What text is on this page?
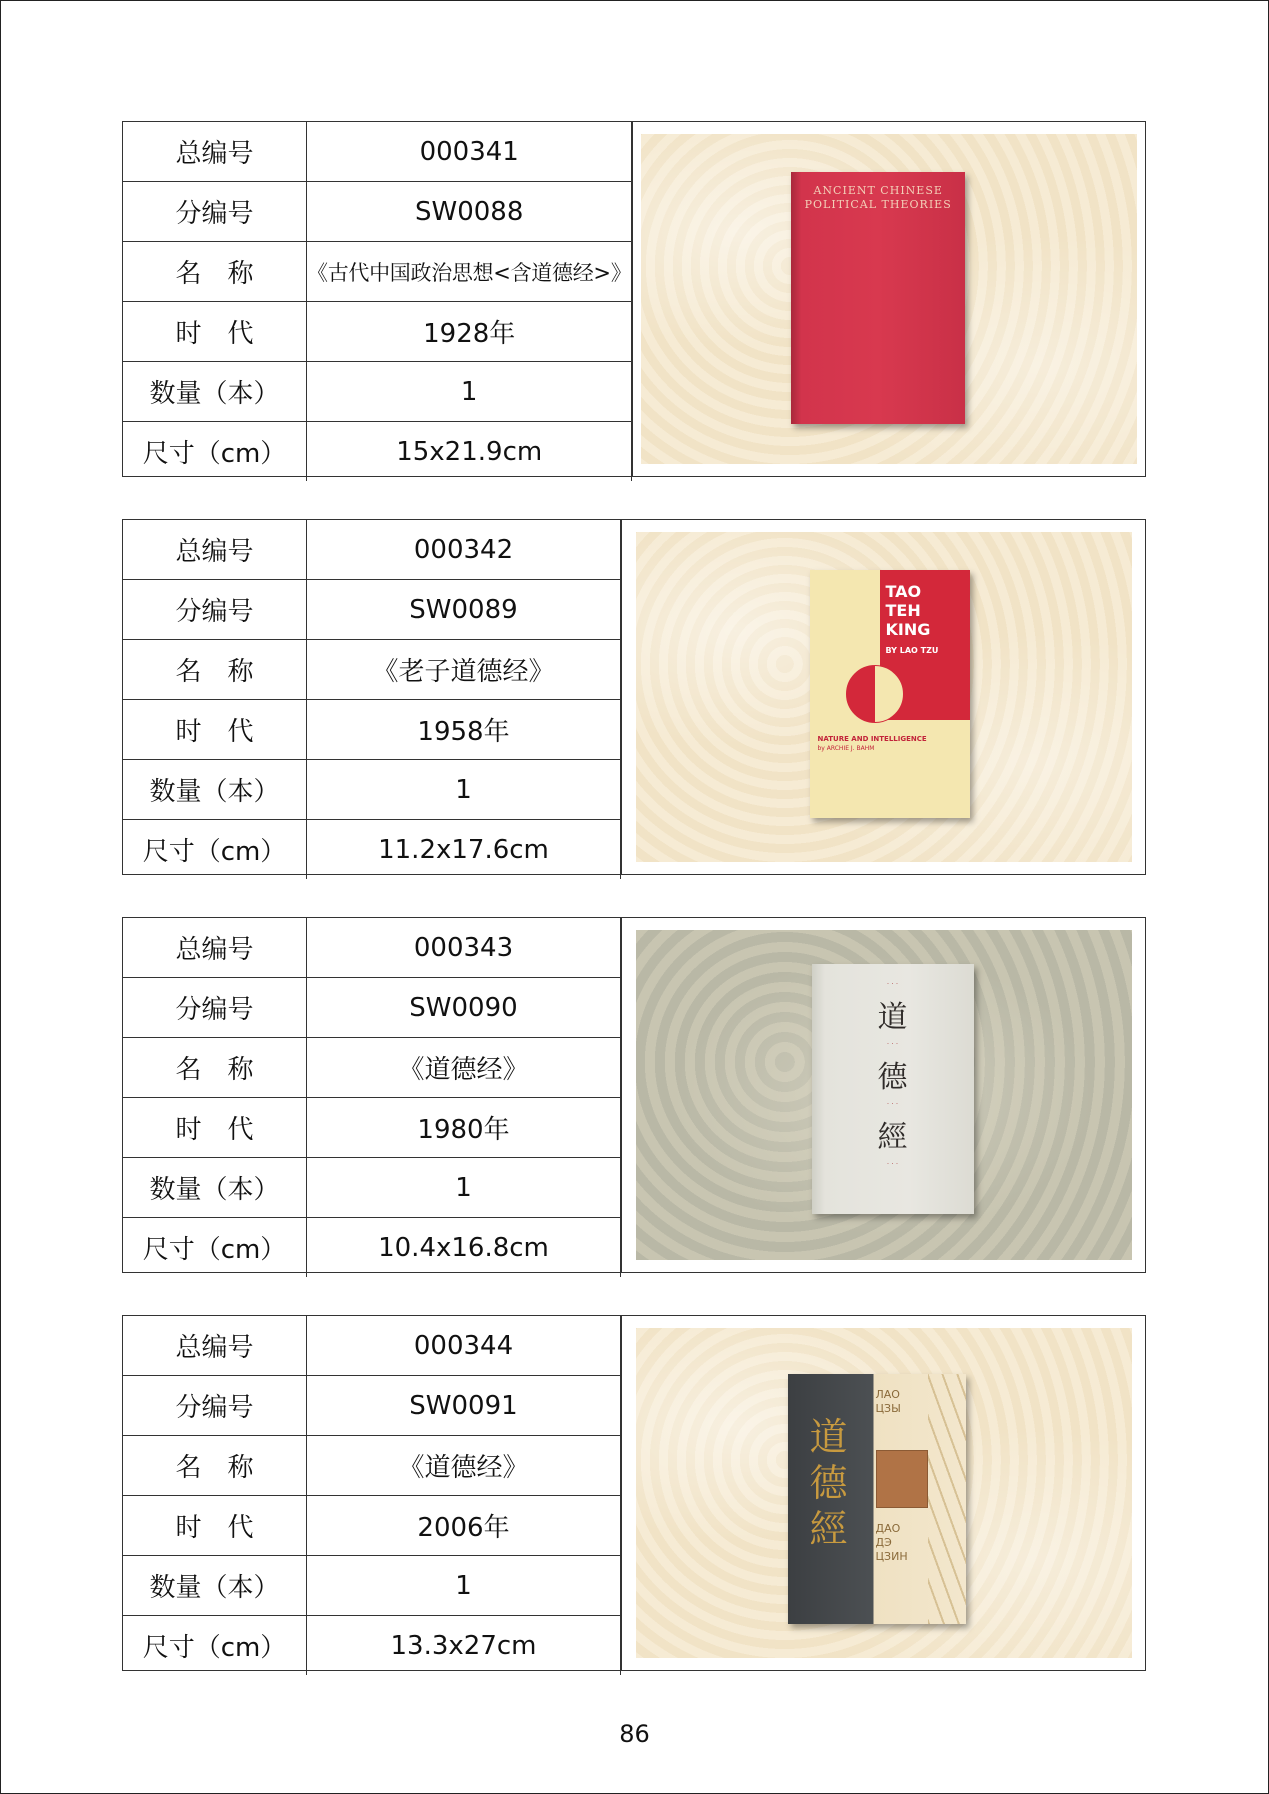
总编号	000341
分编号	SW0088
名　称	《古代中国政治思想<含道德经>》
时　代	1928年
数量（本）	1
尺寸（cm）	15x21.9cm
ANCIENT CHINESE
POLITICAL THEORIES
总编号	000342
分编号	SW0089
名　称	《老子道德经》
时　代	1958年
数量（本）	1
尺寸（cm）	11.2x17.6cm
TAO
TEH
KING
BY LAO TZU
NATURE AND INTELLIGENCE
by ARCHIE J. BAHM
总编号	000343
分编号	SW0090
名　称	《道德经》
时　代	1980年
数量（本）	1
尺寸（cm）	10.4x16.8cm
· · ·
道
· · ·
德
· · ·
經
· · ·
总编号	000344
分编号	SW0091
名　称	《道德经》
时　代	2006年
数量（本）	1
尺寸（cm）	13.3x27cm
道
德
經
ЛАО
ЦЗЫ
ДАО
ДЭ
ЦЗИН
86
